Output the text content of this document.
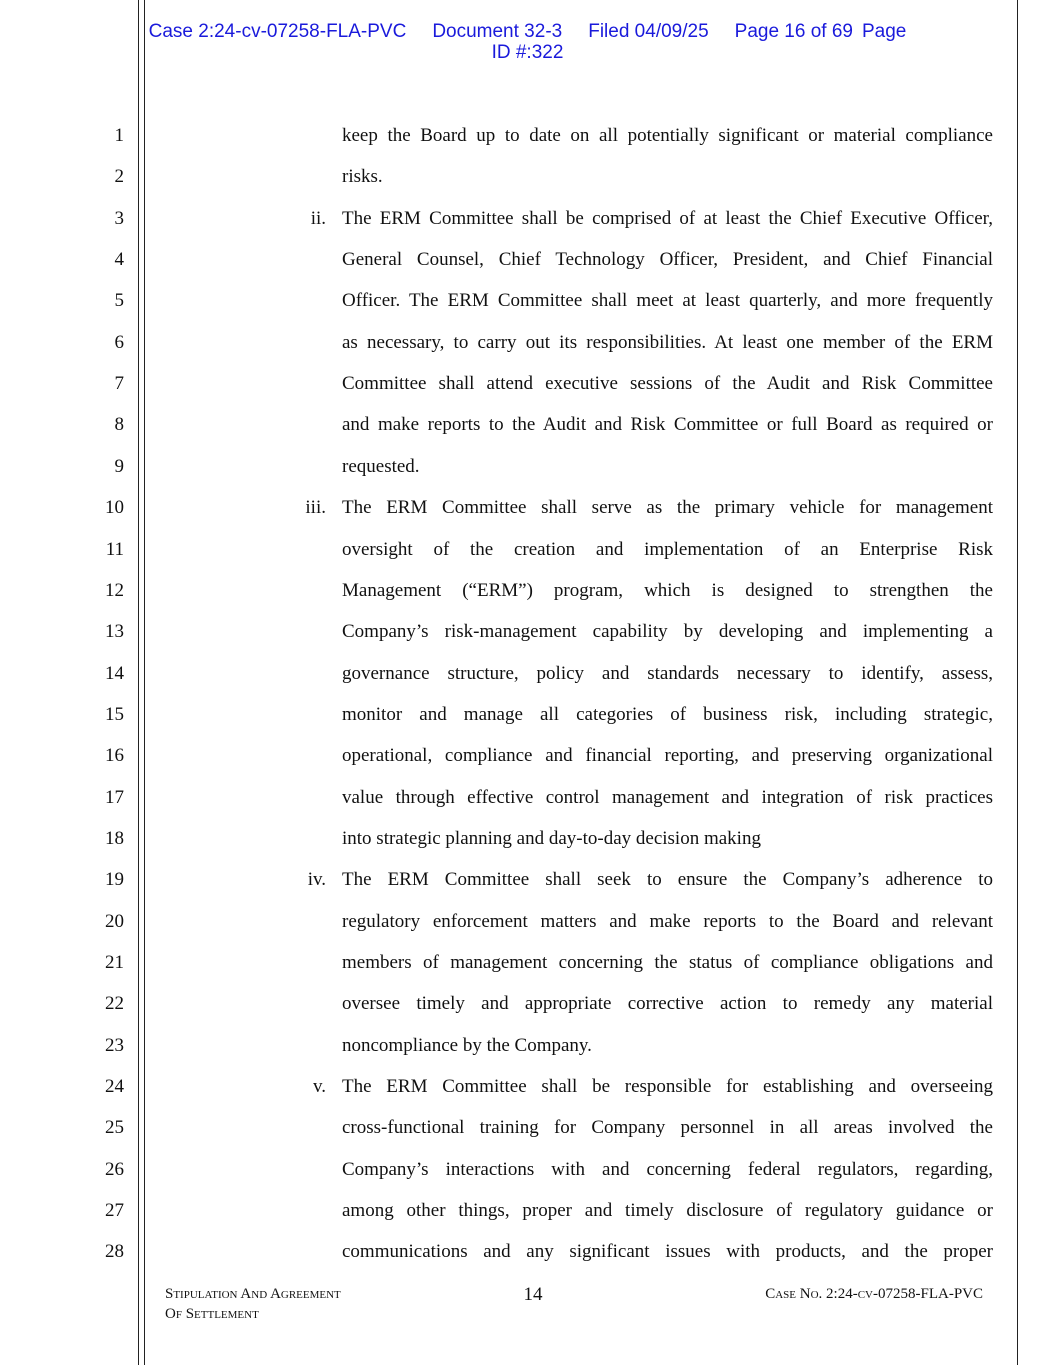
Case 2:24-cv-07258-FLA-PVC Document 32-3 Filed 04/09/25 Page 16 of 69 Page
ID #:322
1
2
3
4
5
6
7
8
9
10
11
12
13
14
15
16
17
18
19
20
21
22
23
24
25
26
27
28
keep the Board up to date on all potentially significant or material compliance
risks.
ii. The ERM Committee shall be comprised of at least the Chief Executive Officer,
General Counsel, Chief Technology Officer, President, and Chief Financial
Officer. The ERM Committee shall meet at least quarterly, and more frequently
as necessary, to carry out its responsibilities. At least one member of the ERM
Committee shall attend executive sessions of the Audit and Risk Committee
and make reports to the Audit and Risk Committee or full Board as required or
requested.
iii. The ERM Committee shall serve as the primary vehicle for management
oversight of the creation and implementation of an Enterprise Risk
Management (“ERM”) program, which is designed to strengthen the
Company’s risk-management capability by developing and implementing a
governance structure, policy and standards necessary to identify, assess,
monitor and manage all categories of business risk, including strategic,
operational, compliance and financial reporting, and preserving organizational
value through effective control management and integration of risk practices
into strategic planning and day-to-day decision making
iv. The ERM Committee shall seek to ensure the Company’s adherence to
regulatory enforcement matters and make reports to the Board and relevant
members of management concerning the status of compliance obligations and
oversee timely and appropriate corrective action to remedy any material
noncompliance by the Company.
v. The ERM Committee shall be responsible for establishing and overseeing
cross-functional training for Company personnel in all areas involved the
Company’s interactions with and concerning federal regulators, regarding,
among other things, proper and timely disclosure of regulatory guidance or
communications and any significant issues with products, and the proper
Stipulation And Agreement
Of Settlement
14	Case No. 2:24-cv-07258-FLA-PVC
